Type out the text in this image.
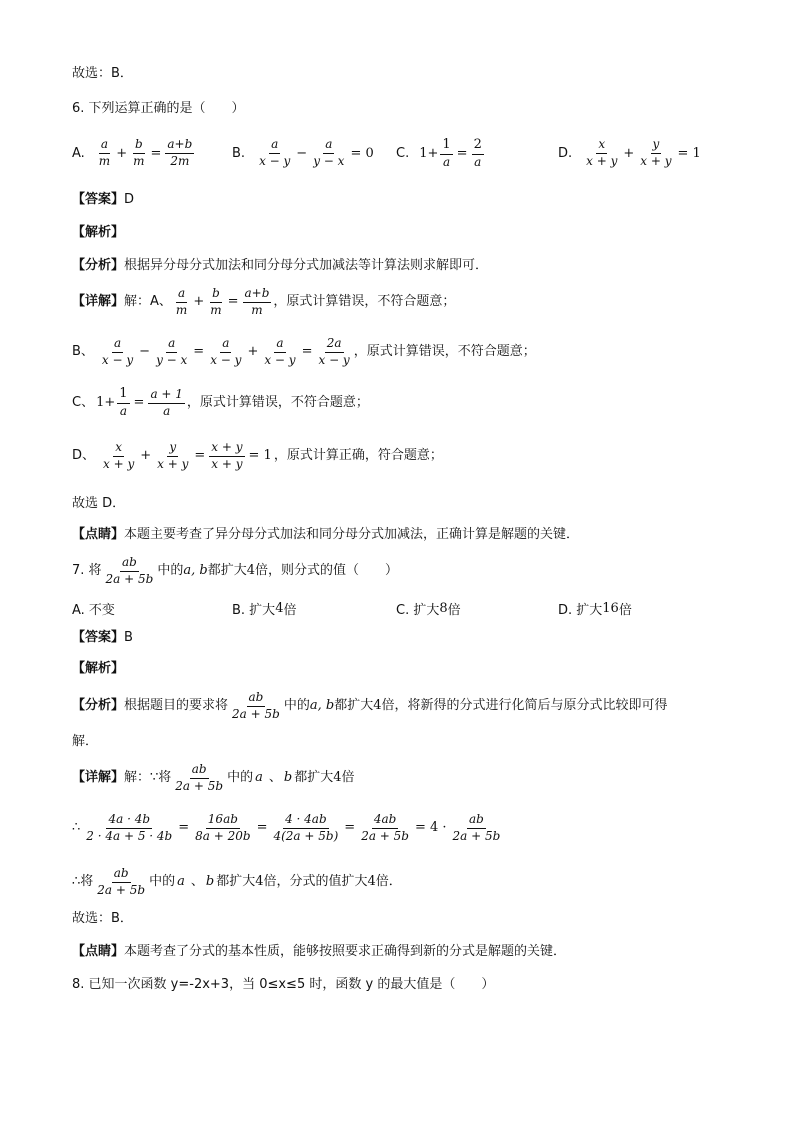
故选：B．
6. 下列运算正确的是（　　）
A. $\frac{a}{m} + \frac{b}{m} = \frac{a+b}{2m}$	B. $\frac{a}{x - y} - \frac{a}{y - x} = 0$ C. $1+ \frac{1}{a} = \frac{2}{a}$	D. $\frac{x}{x + y} + \frac{y}{x + y} = 1$
【答案】 D
【解析】
【分析】 根据异分母分式加法和同分母分式加减法等计算法则求解即可．
【详解】 解：A、 $\frac{a}{m} + \frac{b}{m} = \frac{a+b}{m}$ ，原式计算错误，不符合题意；
B、 $\frac{a}{x - y} - \frac{a}{y - x} = \frac{a}{x - y} + \frac{a}{x - y} = \frac{2a}{x - y}$ ，原式计算错误，不符合题意；
C、 $1+ \frac{1}{a} = \frac{a + 1}{a}$ ，原式计算错误，不符合题意；
D、 $\frac{x}{x + y} + \frac{y}{x + y} = \frac{x + y}{x + y} = 1$ ，原式计算正确，符合题意；
故选 D．
【点睛】 本题主要考查了异分母分式加法和同分母分式加减法，正确计算是解题的关键．
7. 将 $\frac{ab}{2a + 5b}$ 中的 a, b 都扩大 4 倍，则分式的值（　　）
A. 不变	B. 扩大 4 倍	C. 扩大 8 倍	D. 扩大 16 倍
【答案】 B
【解析】
【分析】 根据题目的要求将 $\frac{ab}{2a + 5b}$ 中的 a, b 都扩大 4 倍，将新得的分式进行化简后与原分式比较即可得
解．
【详解】 解：∵将 $\frac{ab}{2a + 5b}$ 中的 a 、 b 都扩大 4 倍
∴ $\frac{4a \cdot 4b}{2 \cdot 4a + 5 \cdot 4b} = \frac{16ab}{8a + 20b} = \frac{4 \cdot 4ab}{4(2a + 5b)} = \frac{4ab}{2a + 5b} = 4 \cdot \frac{ab}{2a + 5b}$
∴将 $\frac{ab}{2a + 5b}$ 中的 a 、 b 都扩大 4 倍，分式的值扩大 4 倍．
故选：B．
【点睛】 本题考查了分式的基本性质，能够按照要求正确得到新的分式是解题的关键．
8. 已知一次函数 y=-2x+3，当 0≤x≤5 时，函数 y 的最大值是（　　）
